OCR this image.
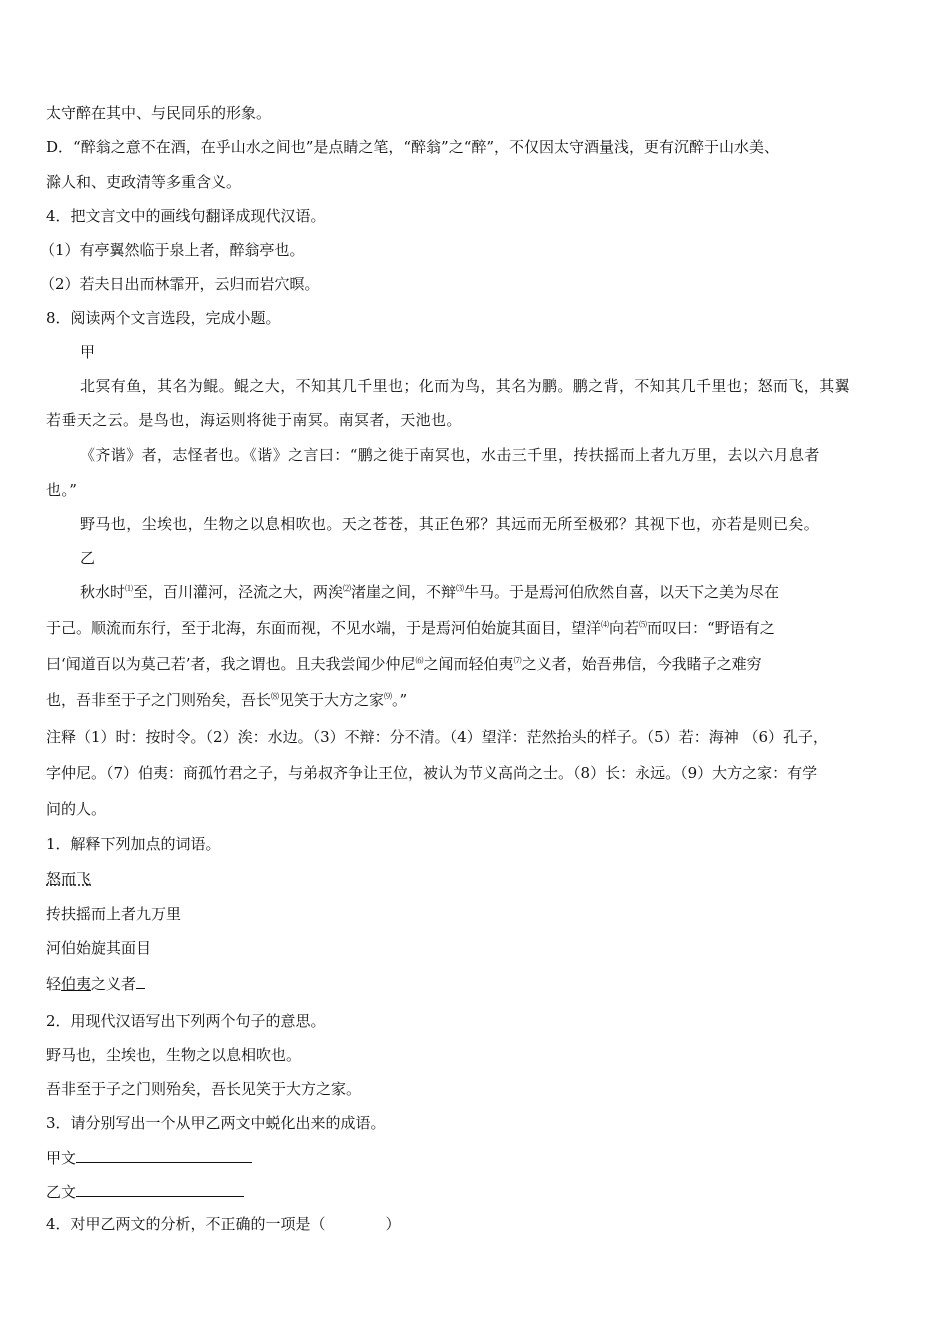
太守醉在其中、与民同乐的形象。
D．“醉翁之意不在酒，在乎山水之间也”是点睛之笔，“醉翁”之“醉”，不仅因太守酒量浅，更有沉醉于山水美、
滁人和、吏政清等多重含义。
4．把文言文中的画线句翻译成现代汉语。
（1）有亭翼然临于泉上者，醉翁亭也。
（2）若夫日出而林霏开，云归而岩穴暝。
8．阅读两个文言选段，完成小题。
甲
北冥有鱼，其名为鲲。鲲之大，不知其几千里也；化而为鸟，其名为鹏。鹏之背，不知其几千里也；怒而飞，其翼
若垂天之云。是鸟也，海运则将徙于南冥。南冥者，天池也。
《齐谐》者，志怪者也。《谐》之言曰：“鹏之徙于南冥也，水击三千里，抟扶摇而上者九万里，去以六月息者
也。”
野马也，尘埃也，生物之以息相吹也。天之苍苍，其正色邪？其远而无所至极邪？其视下也，亦若是则已矣。
乙
秋水时⑴至，百川灌河，泾流之大，两涘⑵渚崖之间，不辩⑶牛马。于是焉河伯欣然自喜，以天下之美为尽在
于己。顺流而东行，至于北海，东面而视，不见水端，于是焉河伯始旋其面目，望洋⑷向若⑸而叹曰：“野语有之
曰‘闻道百以为莫己若’者，我之谓也。且夫我尝闻少仲尼⑹之闻而轻伯夷⑺之义者，始吾弗信，今我睹子之难穷
也，吾非至于子之门则殆矣，吾长⑻见笑于大方之家⑼。”
注释（1）时：按时令。（2）涘：水边。（3）不辩：分不清。（4）望洋：茫然抬头的样子。（5）若：海神 （6）孔子，
字仲尼。（7）伯夷：商孤竹君之子，与弟叔齐争让王位，被认为节义高尚之士。（8）长：永远。（9）大方之家：有学
问的人。
1．解释下列加点的词语。
怒而飞
抟扶摇而上者九万里
河伯始旋其面目
轻伯夷之义者
2．用现代汉语写出下列两个句子的意思。
野马也，尘埃也，生物之以息相吹也。
吾非至于子之门则殆矣，吾长见笑于大方之家。
3．请分别写出一个从甲乙两文中蜕化出来的成语。
甲文
乙文
4．对甲乙两文的分析，不正确的一项是（　　　　）
